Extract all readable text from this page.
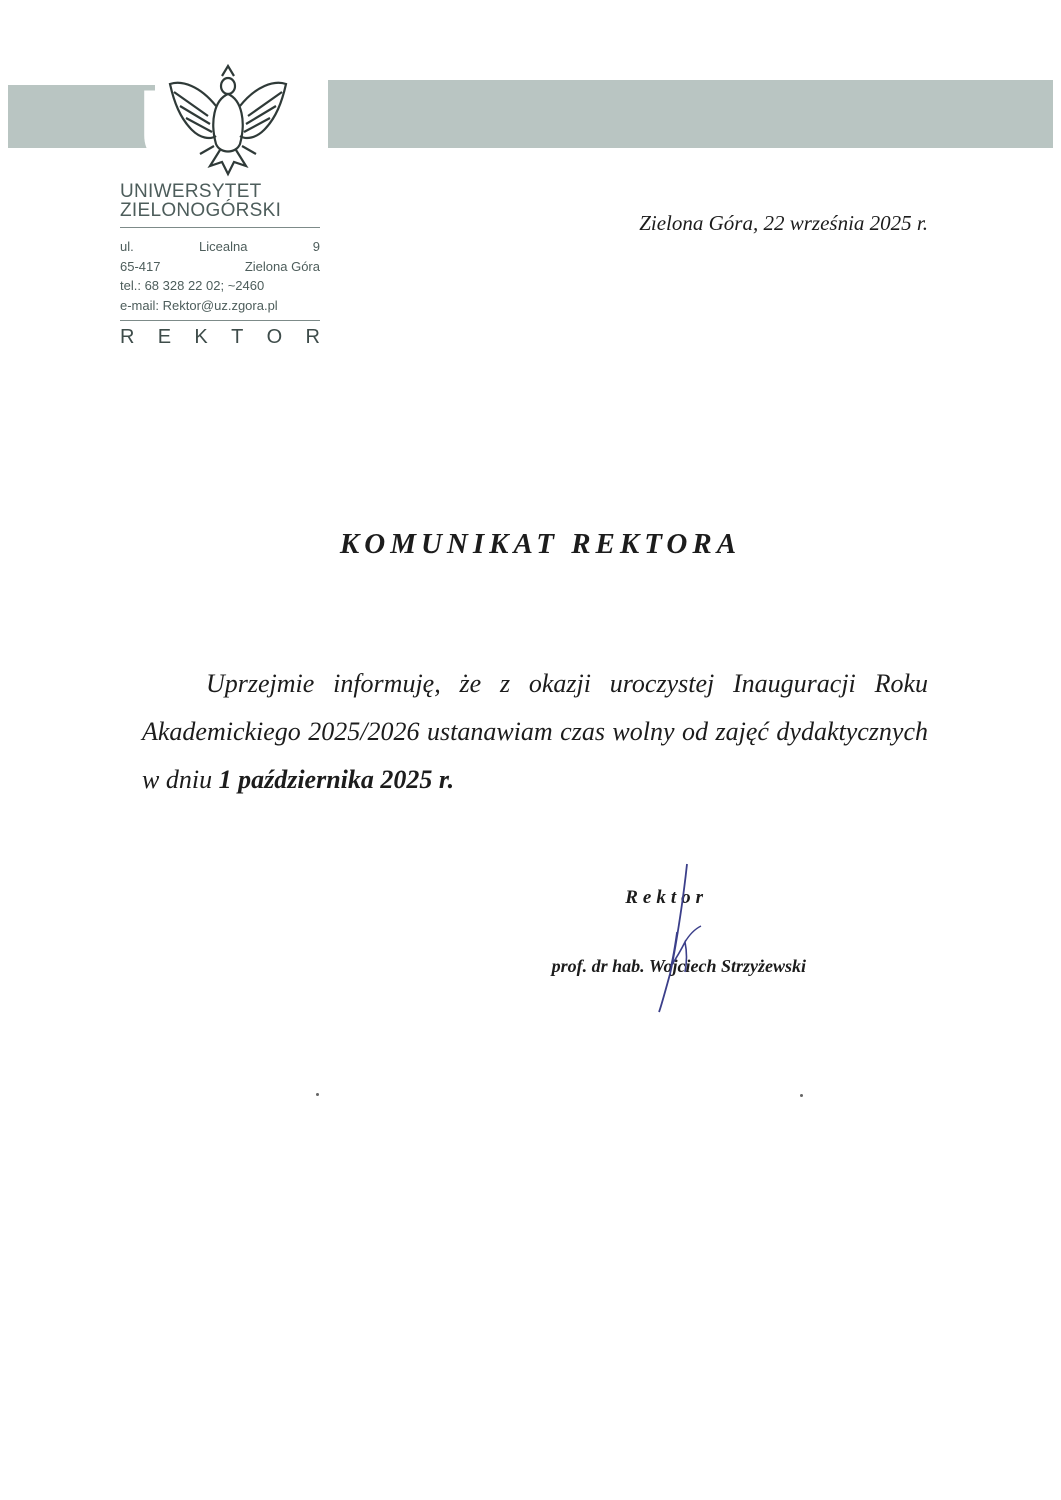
UZ
UNIWERSYTET
ZIELONOGÓRSKI
ul.	Licealna	9
65-417	Zielona Góra
tel.: 68 328 22 02; ~2460
e-mail: Rektor@uz.zgora.pl
R E K T O R
Zielona Góra, 22 września 2025 r.
KOMUNIKAT REKTORA
Uprzejmie informuję, że z okazji uroczystej Inauguracji Roku Akademickiego 2025/2026 ustanawiam czas wolny od zajęć dydaktycznych w dniu 1 października 2025 r.
Rektor
prof. dr hab. Wojciech Strzyżewski
